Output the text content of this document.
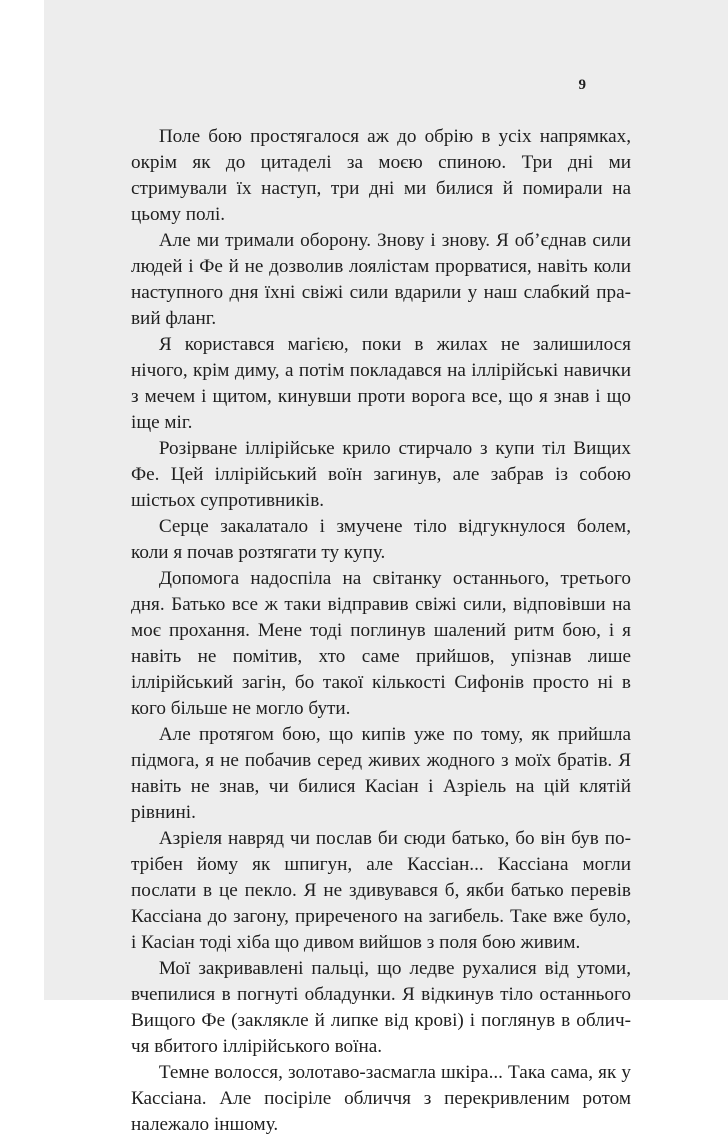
9

Поле бою простягалося аж до обрію в усіх напрямках, окрім як до цитаделі за моєю спиною. Три дні ми стримували їх наступ, три дні ми билися й помирали на цьому полі.

Але ми тримали оборону. Знову і знову. Я об’єднав сили людей і Фе й не дозволив лоялістам прорватися, навіть коли наступного дня їхні свіжі сили вдарили у наш слабкий правий фланг.

Я користався магією, поки в жилах не залишилося нічого, крім диму, а потім покладався на іллірійські навички з мечем і щитом, кинувши проти ворога все, що я знав і що іще міг.

Розірване іллірійське крило стирчало з купи тіл Вищих Фе. Цей іллірійський воїн загинув, але забрав із собою шістьох супротивників.

Серце закалатало і змучене тіло відгукнулося болем, коли я почав розтягати ту купу.

Допомога надоспіла на світанку останнього, третього дня. Батько все ж таки відправив свіжі сили, відповівши на моє прохання. Мене тоді поглинув шалений ритм бою, і я навіть не помітив, хто саме прийшов, упізнав лише іллірійський загін, бо такої кількості Сифонів просто ні в кого більше не могло бути.

Але протягом бою, що кипів уже по тому, як прийшла підмога, я не побачив серед живих жодного з моїх братів. Я навіть не знав, чи билися Касіан і Азріель на цій клятій рівнині.

Азріеля навряд чи послав би сюди батько, бо він був потрібен йому як шпигун, але Кассіан... Кассіана могли послати в це пекло. Я не здивувався б, якби батько перевів Кассіана до загону, приреченого на загибель. Таке вже було, і Касіан тоді хіба що дивом вийшов з поля бою живим.

Мої закривавлені пальці, що ледве рухалися від утоми, вчепилися в погнуті обладунки. Я відкинув тіло останнього Вищого Фе (заклякле й липке від крові) і поглянув в обличчя вбитого іллірійського воїна.

Темне волосся, золотаво-засмагла шкіра... Така сама, як у Кассіана. Але посіріле обличчя з перекривленим ротом належало іншому.
